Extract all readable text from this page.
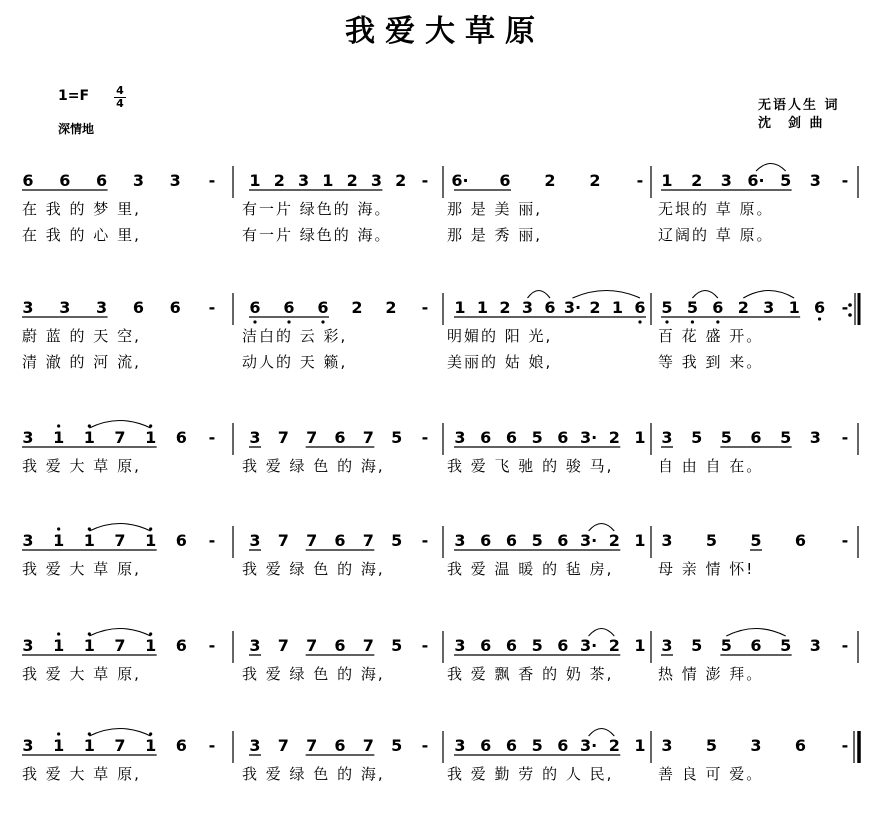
我爱大草原
1=F	4
4
深情地
无语人生 词
沈　剑 曲
6 6 6 3 3 - 1 2 3 1 2 3 2 - 6· 6 2 2 - 1 2 3 6· 5 3 -
在 我 的 梦 里,	有一片 绿色的 海。	那 是 美 丽,	无垠的 草 原。
在 我 的 心 里,	有一片 绿色的 海。	那 是 秀 丽,	辽阔的 草 原。
3 3 3 6 6 - 6 6 6 2 2 - 1 1 2 3 6 3· 2 1 6 5 5 6 2 3 1 6 -
蔚 蓝 的 天 空,	洁白的 云 彩,	明媚的 阳 光,	百 花 盛 开。
清 澈 的 河 流,	动人的 天 籁,	美丽的 姑 娘,	等 我 到 来。
3 1 1 7 1 6 - 3 7 7 6 7 5 - 3 6 6 5 6 3· 2 1 3 5 5 6 5 3 -
我 爱 大 草 原,	我 爱 绿 色 的 海,	我 爱 飞 驰 的 骏 马,	自 由 自 在。
3 1 1 7 1 6 - 3 7 7 6 7 5 - 3 6 6 5 6 3· 2 1 3 5 5 6 -
我 爱 大 草 原,	我 爱 绿 色 的 海,	我 爱 温 暖 的 毡 房,	母 亲 情 怀!
3 1 1 7 1 6 - 3 7 7 6 7 5 - 3 6 6 5 6 3· 2 1 3 5 5 6 5 3 -
我 爱 大 草 原,	我 爱 绿 色 的 海,	我 爱 飘 香 的 奶 茶,	热 情 澎 拜。
3 1 1 7 1 6 - 3 7 7 6 7 5 - 3 6 6 5 6 3· 2 1 3 5 3 6 -
我 爱 大 草 原,	我 爱 绿 色 的 海,	我 爱 勤 劳 的 人 民,	善 良 可 爱。
